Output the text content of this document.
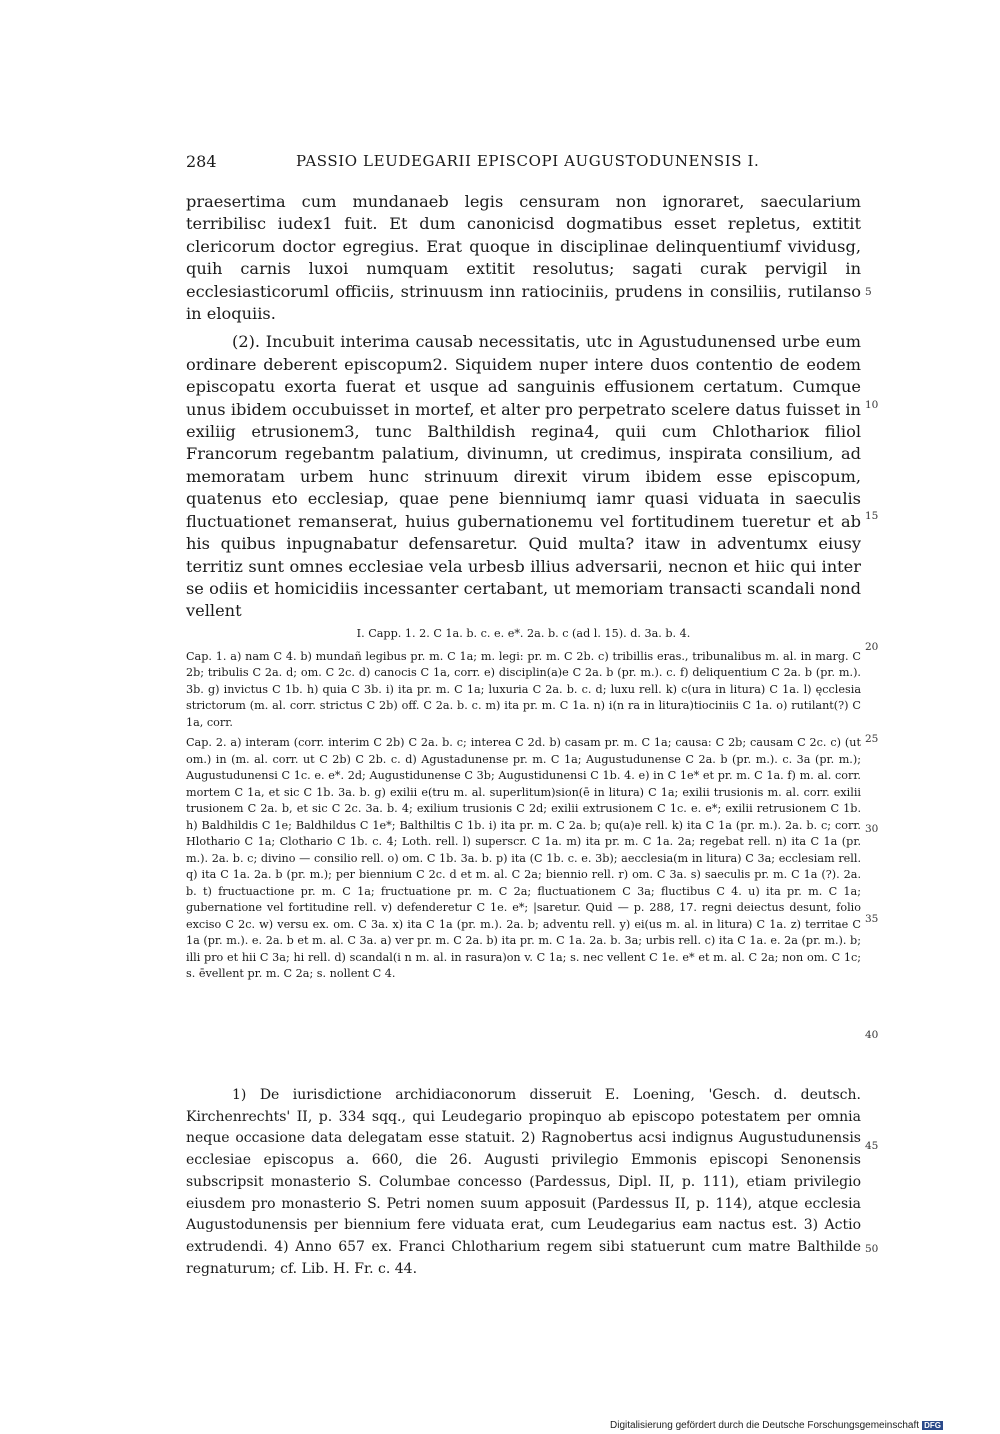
284	PASSIO LEUDEGARII EPISCOPI AUGUSTODUNENSIS I.

praesertima cum mundanaeb legis censuram non ignoraret, saecularium terribilisc iudex1 fuit. Et dum canonicisd dogmatibus esset repletus, extitit clericorum doctor egregius. Erat quoque in disciplinae delinquentiumf vividusg, quih carnis luxoi numquam extitit resolutus; sagati curak pervigil in ecclesiasticoruml officiis, strinuusm inn ratiociniis, prudens in consiliis, rutilanso in eloquiis.

(2). Incubuit interima causab necessitatis, utc in Agustudunensed urbe eum ordinare deberent episcopum2. Siquidem nuper intere duos contentio de eodem episcopatu exorta fuerat et usque ad sanguinis effusionem certatum. Cumque unus ibidem occubuisset in mortef, et alter pro perpetrato scelere datus fuisset in exiliig etrusionem3, tunc Balthildish regina4, quii cum Chlotharioк filiol Francorum regebantm palatium, divinumn, ut credimus, inspirata consilium, ad memoratam urbem hunc strinuum direxit virum ibidem esse episcopum, quatenus eto ecclesiap, quae pene bienniumq iamr quasi viduata in saeculis fluctuationet remanserat, huius gubernationemu vel fortitudinem tueretur et ab his quibus inpugnabatur defensaretur. Quid multa? itaw in adventumx eiusy territiz sunt omnes ecclesiae vela urbesb illius adversarii, necnon et hiic qui inter se odiis et homicidiis incessanter certabant, ut memoriam transacti scandali nond vellent

I. Capp. 1. 2. C 1a. b. c. e. e*. 2a. b. c (ad l. 15). d. 3a. b. 4.

Cap. 1. a) nam C 4. b) mundañ legibus pr. m. C 1a; m. legi: pr. m. C 2b. c) tribillis eras., tribunalibus m. al. in marg. C 2b; tribulis C 2a. d; om. C 2c. d) canocis C 1a, corr. e) disciplin(a)e C 2a. b (pr. m.). c. f) deliquentium C 2a. b (pr. m.). 3b. g) invictus C 1b. h) quia C 3b. i) ita pr. m. C 1a; luxuria C 2a. b. c. d; luxu rell. k) c(ura in litura) C 1a. l) ęcclesia strictorum (m. al. corr. strictus C 2b) off. C 2a. b. c. m) ita pr. m. C 1a. n) i(n ra in litura)tiociniis C 1a. o) rutilant(?) C 1a, corr.

Cap. 2. a) interam (corr. interim C 2b) C 2a. b. c; interea C 2d. b) casam pr. m. C 1a; causa: C 2b; causam C 2c. c) (ut om.) in (m. al. corr. ut C 2b) C 2b. c. d) Agustadunense pr. m. C 1a; Augustudunense C 2a. b (pr. m.). c. 3a (pr. m.); Augustudunensi C 1c. e. e*. 2d; Augustidunense C 3b; Augustidunensi C 1b. 4. e) in C 1e* et pr. m. C 1a. f) m. al. corr. mortem C 1a, et sic C 1b. 3a. b. g) exilii e(tru m. al. superlitum)sion(ē in litura) C 1a; exilii trusionis m. al. corr. exilii trusionem C 2a. b, et sic C 2c. 3a. b. 4; exilium trusionis C 2d; exilii extrusionem C 1c. e. e*; exilii retrusionem C 1b. h) Baldhildis C 1e; Baldhildus C 1e*; Balthiltis C 1b. i) ita pr. m. C 2a. b; qu(a)e rell. k) ita C 1a (pr. m.). 2a. b. c; corr. Hlothario C 1a; Clothario C 1b. c. 4; Loth. rell. l) superscr. C 1a. m) ita pr. m. C 1a. 2a; regebat rell. n) ita C 1a (pr. m.). 2a. b. c; divino — consilio rell. o) om. C 1b. 3a. b. p) ita (C 1b. c. e. 3b); aecclesia(m in litura) C 3a; ecclesiam rell. q) ita C 1a. 2a. b (pr. m.); per biennium C 2c. d et m. al. C 2a; biennio rell. r) om. C 3a. s) saeculis pr. m. C 1a (?). 2a. b. t) fructuactione pr. m. C 1a; fructuatione pr. m. C 2a; fluctuationem C 3a; fluctibus C 4. u) ita pr. m. C 1a; gubernatione vel fortitudine rell. v) defenderetur C 1e. e*; |saretur. Quid — p. 288, 17. regni deiectus desunt, folio exciso C 2c. w) versu ex. om. C 3a. x) ita C 1a (pr. m.). 2a. b; adventu rell. y) ei(us m. al. in litura) C 1a. z) territae C 1a (pr. m.). e. 2a. b et m. al. C 3a. a) ver pr. m. C 2a. b) ita pr. m. C 1a. 2a. b. 3a; urbis rell. c) ita C 1a. e. 2a (pr. m.). b; illi pro et hii C 3a; hi rell. d) scandal(i n m. al. in rasura)on v. C 1a; s. nec vellent C 1e. e* et m. al. C 2a; non om. C 1c; s. ēvellent pr. m. C 2a; s. nollent C 4.

1) De iurisdictione archidiaconorum disseruit E. Loening, 'Gesch. d. deutsch. Kirchenrechts' II, p. 334 sqq., qui Leudegario propinquo ab episcopo potestatem per omnia neque occasione data delegatam esse statuit. 2) Ragnobertus acsi indignus Augustudunensis ecclesiae episcopus a. 660, die 26. Augusti privilegio Emmonis episcopi Senonensis subscripsit monasterio S. Columbae concesso (Pardessus, Dipl. II, p. 111), etiam privilegio eiusdem pro monasterio S. Petri nomen suum apposuit (Pardessus II, p. 114), atque ecclesia Augustodunensis per biennium fere viduata erat, cum Leudegarius eam nactus est. 3) Actio extrudendi. 4) Anno 657 ex. Franci Chlotharium regem sibi statuerunt cum matre Balthilde regnaturum; cf. Lib. H. Fr. c. 44.

5
10
15
20
25
30
35
40
45
50
Digitalisierung gefördert durch die Deutsche Forschungsgemeinschaft DFG
